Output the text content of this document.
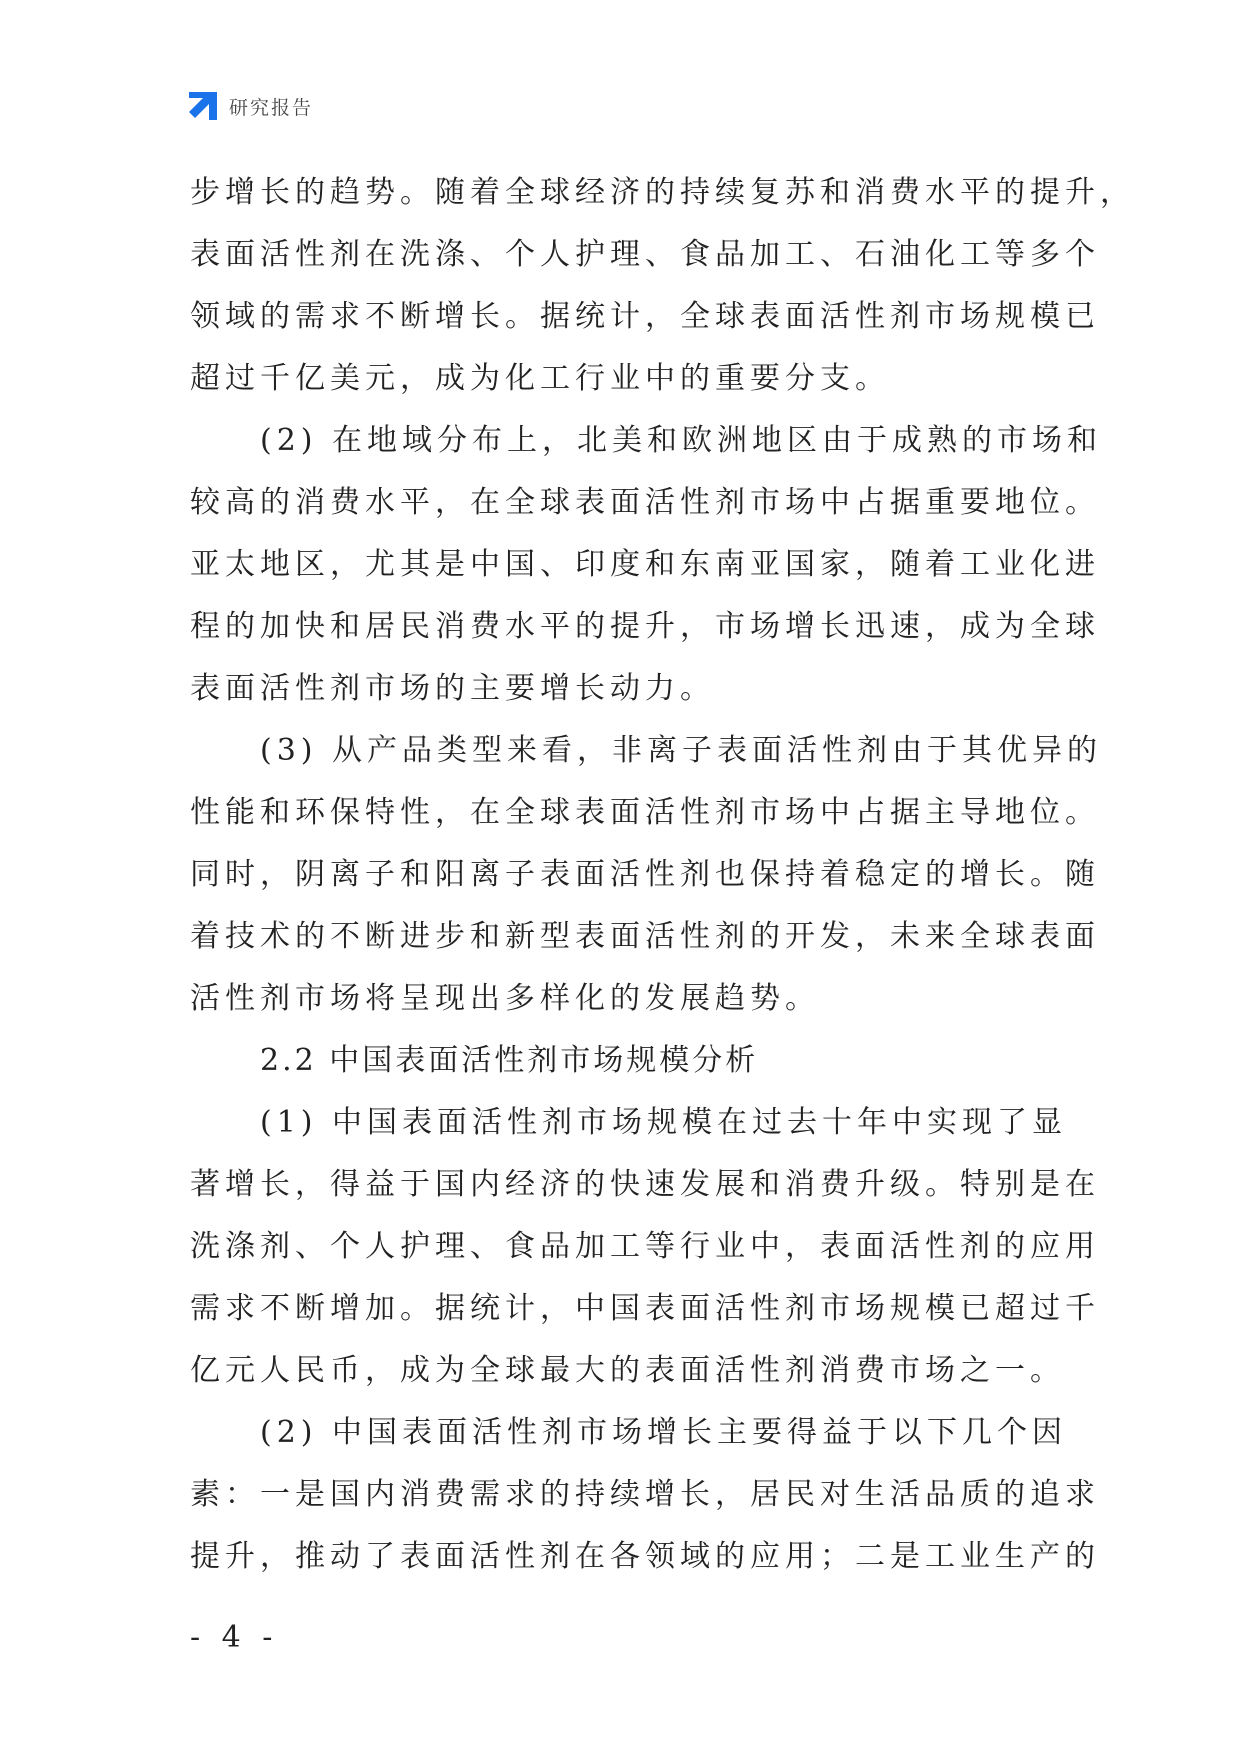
研究报告
步增长的趋势。随着全球经济的持续复苏和消费水平的提升，
表面活性剂在洗涤、个人护理、食品加工、石油化工等多个
领域的需求不断增长。据统计，全球表面活性剂市场规模已
超过千亿美元，成为化工行业中的重要分支。
(2) 在地域分布上，北美和欧洲地区由于成熟的市场和
较高的消费水平，在全球表面活性剂市场中占据重要地位。
亚太地区，尤其是中国、印度和东南亚国家，随着工业化进
程的加快和居民消费水平的提升，市场增长迅速，成为全球
表面活性剂市场的主要增长动力。
(3) 从产品类型来看，非离子表面活性剂由于其优异的
性能和环保特性，在全球表面活性剂市场中占据主导地位。
同时，阴离子和阳离子表面活性剂也保持着稳定的增长。随
着技术的不断进步和新型表面活性剂的开发，未来全球表面
活性剂市场将呈现出多样化的发展趋势。
2.2 中国表面活性剂市场规模分析
(1) 中国表面活性剂市场规模在过去十年中实现了显
著增长，得益于国内经济的快速发展和消费升级。特别是在
洗涤剂、个人护理、食品加工等行业中，表面活性剂的应用
需求不断增加。据统计，中国表面活性剂市场规模已超过千
亿元人民币，成为全球最大的表面活性剂消费市场之一。
(2) 中国表面活性剂市场增长主要得益于以下几个因
素：一是国内消费需求的持续增长，居民对生活品质的追求
提升，推动了表面活性剂在各领域的应用；二是工业生产的
- 4 -
